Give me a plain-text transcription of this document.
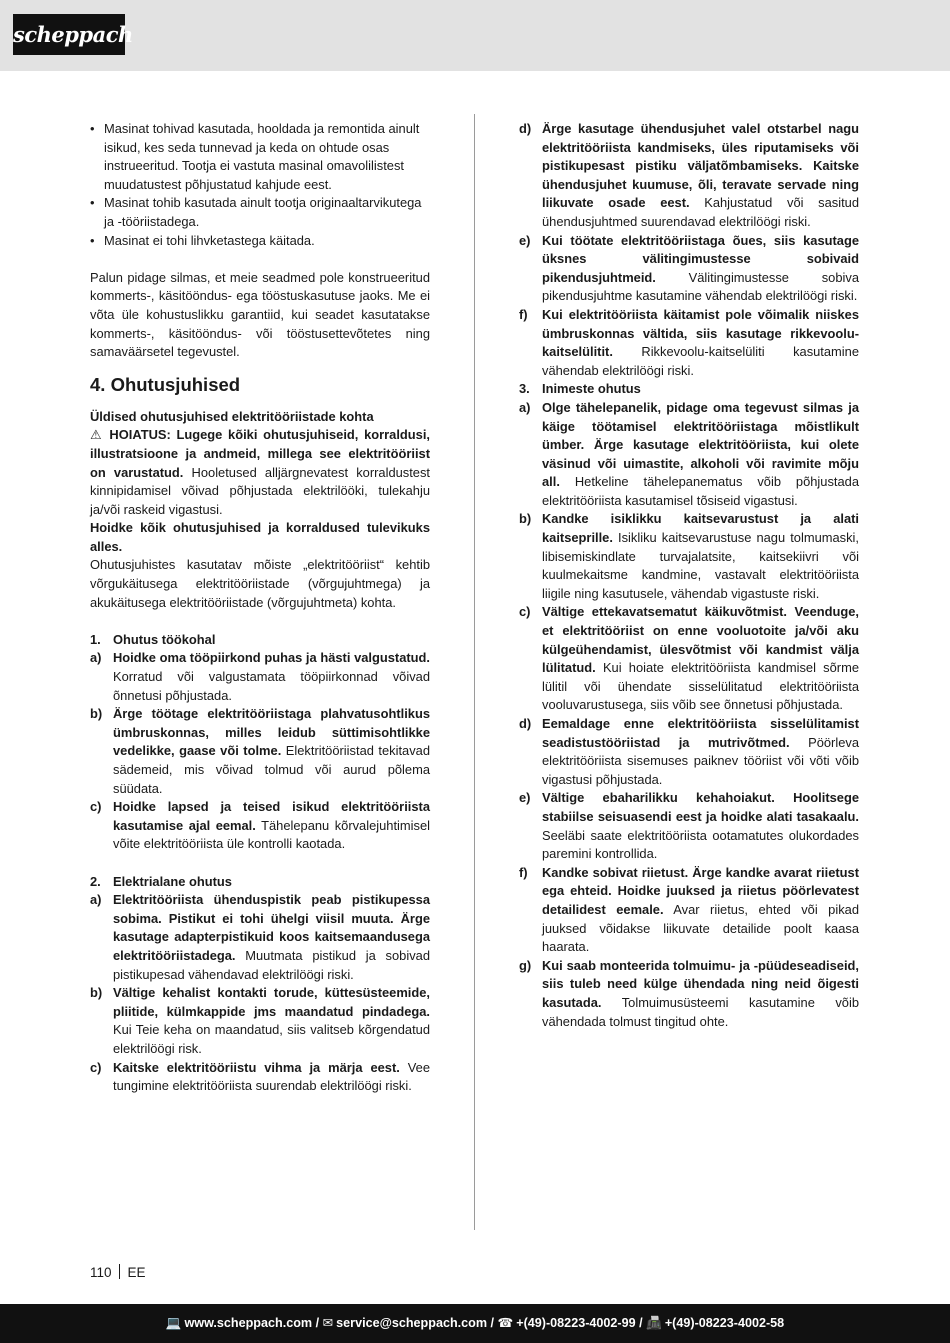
scheppach
• Masinat tohivad kasutada, hooldada ja remontida ainult isikud, kes seda tunnevad ja keda on ohtude osas instrueeritud. Tootja ei vastuta masinal omavolilistest muudatustest põhjustatud kahjude eest.
• Masinat tohib kasutada ainult tootja originaaltarvikutega ja -tööriistadega.
• Masinat ei tohi lihvketastega käitada.

Palun pidage silmas, et meie seadmed pole konstrueeritud kommerts-, käsitööndus- ega tööstuskasutuse jaoks. Me ei võta üle kohustuslikku garantiid, kui seadet kasutatakse kommerts-, käsitööndus- või tööstusettevõtetes ning samaväärsetel tegevustel.

4. Ohutusjuhised

Üldised ohutusjuhised elektritööriistade kohta

⚠ HOIATUS: Lugege kõiki ohutusjuhiseid, korraldusi, illustratsioone ja andmeid, millega see elektritööriist on varustatud. Hooletused alljärgnevatest korraldustest kinnipidamisel võivad põhjustada elektrilööki, tulekahju ja/või raskeid vigastusi.

Hoidke kõik ohutusjuhised ja korraldused tulevikuks alles.

Ohutusjuhistes kasutatav mõiste „elektritööriist“ kehtib võrgukäitusega elektritööriistade (võrgujuhtmega) ja akukäitusega elektritööriistade (võrgujuhtmeta) kohta.

1. Ohutus töökohal
a) Hoidke oma tööpiirkond puhas ja hästi valgustatud. Korratud või valgustamata tööpiirkonnad võivad õnnetusi põhjustada.
b) Ärge töötage elektritööriistaga plahvatusohtlikus ümbruskonnas, milles leidub süttimisohtlikke vedelikke, gaase või tolme. Elektritööriistad tekitavad sädemeid, mis võivad tolmud või aurud põlema süüdata.
c) Hoidke lapsed ja teised isikud elektritööriista kasutamise ajal eemal. Tähelepanu kõrvalejuhtimisel võite elektritööriista üle kontrolli kaotada.
2. Elektrialane ohutus
a) Elektritööriista ühenduspistik peab pistikupessa sobima. Pistikut ei tohi ühelgi viisil muuta. Ärge kasutage adapterpistikuid koos kaitsemaandusega elektritööriistadega. Muutmata pistikud ja sobivad pistikupesad vähendavad elektrilöögi riski.
b) Vältige kehalist kontakti torude, küttesüsteemide, pliitide, külmkappide jms maandatud pindadega. Kui Teie keha on maandatud, siis valitseb kõrgendatud elektrilöögi risk.
c) Kaitske elektritööriistu vihma ja märja eest. Vee tungimine elektritööriista suurendab elektrilöögi riski.
d) Ärge kasutage ühendusjuhet valel otstarbel nagu elektritööriista kandmiseks, üles riputamiseks või pistikupesast pistiku väljatõmbamiseks. Kaitske ühendusjuhet kuumuse, õli, teravate servade ning liikuvate osade eest. Kahjustatud või sasitud ühendusjuhtmed suurendavad elektrilöögi riski.
e) Kui töötate elektritööriistaga õues, siis kasutage üksnes välitingimustesse sobivaid pikendusjuhtmeid. Välitingimustesse sobiva pikendusjuhtme kasutamine vähendab elektrilöögi riski.
f) Kui elektritööriista käitamist pole võimalik niiskes ümbruskonnas vältida, siis kasutage rikkevoolu-kaitselülitit. Rikkevoolu-kaitselüliti kasutamine vähendab elektrilöögi riski.
3. Inimeste ohutus
a) Olge tähelepanelik, pidage oma tegevust silmas ja käige töötamisel elektritööriistaga mõistlikult ümber. Ärge kasutage elektritööriista, kui olete väsinud või uimastite, alkoholi või ravimite mõju all. Hetkeline tähelepanematus võib põhjustada elektritööriista kasutamisel tõsiseid vigastusi.
b) Kandke isiklikku kaitsevarustust ja alati kaitseprille. Isikliku kaitsevarustuse nagu tolmumaski, libisemiskindlate turvajalatsite, kaitsekiivri või kuulmekaitsme kandmine, vastavalt elektritööriista liigile ning kasutusele, vähendab vigastuste riski.
c) Vältige ettekavatsematut käikuvõtmist. Veenduge, et elektritööriist on enne vooluotoite ja/või aku külgeühendamist, ülesvõtmist või kandmist välja lülitatud. Kui hoiate elektritööriista kandmisel sõrme lülitil või ühendate sisselülitatud elektritööriista vooluvarustusega, siis võib see õnnetusi põhjustada.
d) Eemaldage enne elektritööriista sisselülitamist seadistustööriistad ja mutrivõtmed. Pöörleva elektritööriista sisemuses paiknev tööriist või võti võib vigastusi põhjustada.
e) Vältige ebaharilikku kehahoiakut. Hoolitsege stabiilse seisuasendi eest ja hoidke alati tasakaalu. Seeläbi saate elektritööriista ootamatutes olukordades paremini kontrollida.
f) Kandke sobivat riietust. Ärge kandke avarat riietust ega ehteid. Hoidke juuksed ja riietus pöörlevatest detailidest eemale. Avar riietus, ehted või pikad juuksed võidakse liikuvate detailide poolt kaasa haarata.
g) Kui saab monteerida tolmuimu- ja -püüdeseadiseid, siis tuleb need külge ühendada ning neid õigesti kasutada. Tolmuimusüsteemi kasutamine võib vähendada tolmust tingitud ohte.
110 EE
💻 www.scheppach.com / ✉ service@scheppach.com / ☎ +(49)-08223-4002-99 / 📠 +(49)-08223-4002-58
